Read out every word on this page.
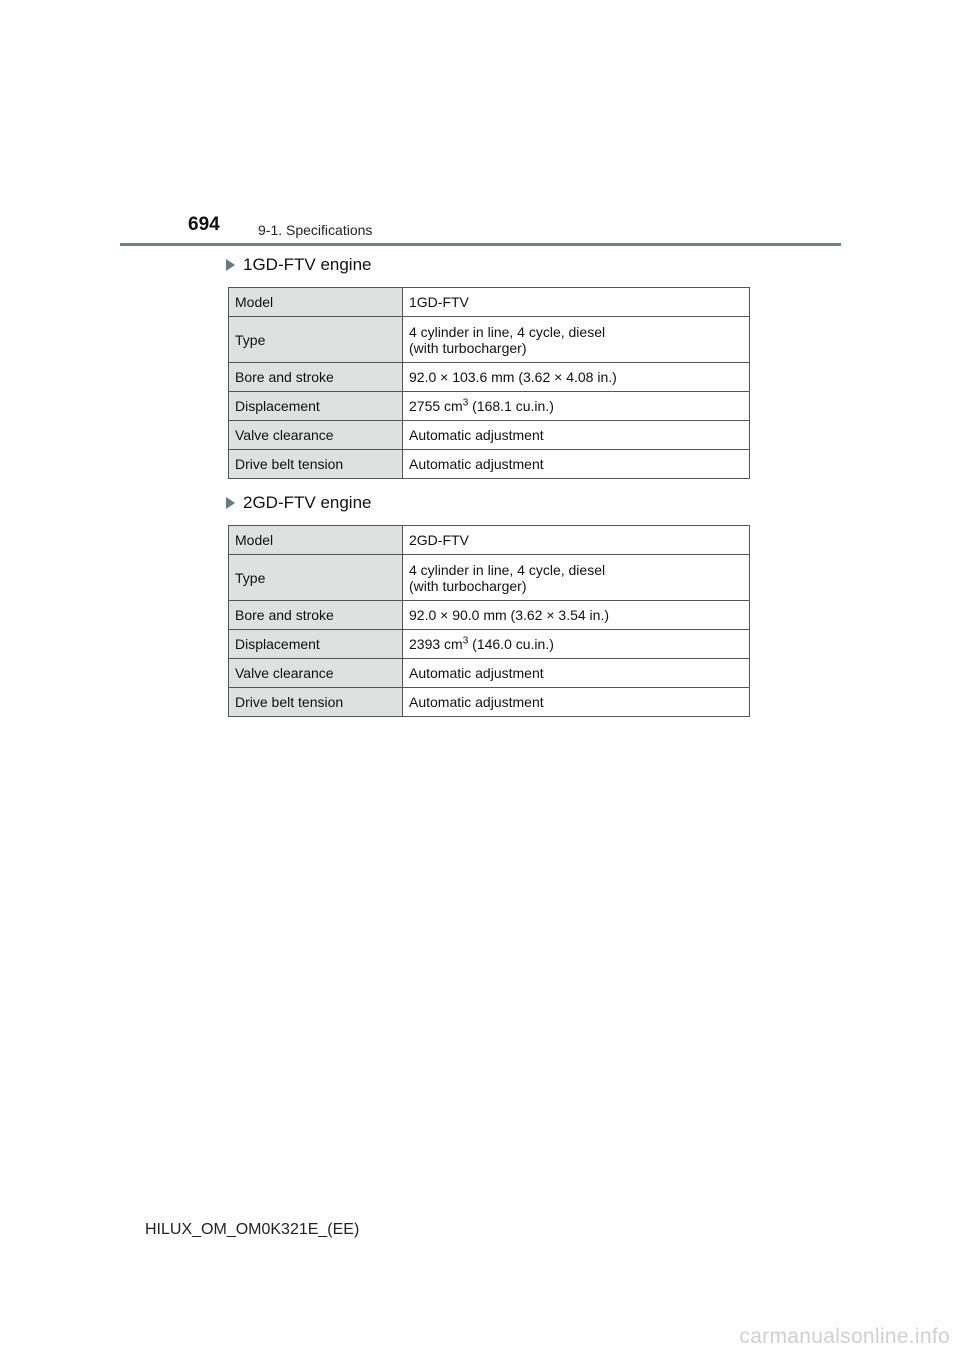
694	9-1. Specifications
1GD-FTV engine
Model	1GD-FTV
Type	4 cylinder in line, 4 cycle, diesel
(with turbocharger)

Bore and stroke	92.0 × 103.6 mm (3.62 × 4.08 in.)
Displacement	2755 $cm^3$ (168.1 cu.in.)
Valve clearance	Automatic adjustment
Drive belt tension	Automatic adjustment
2GD-FTV engine
Model	2GD-FTV
Type	4 cylinder in line, 4 cycle, diesel
(with turbocharger)

Bore and stroke	92.0 × 90.0 mm (3.62 × 3.54 in.)
Displacement	2393 $cm^3$ (146.0 cu.in.)
Valve clearance	Automatic adjustment
Drive belt tension	Automatic adjustment
HILUX_OM_OM0K321E_(EE)
carmanualsonline.info
